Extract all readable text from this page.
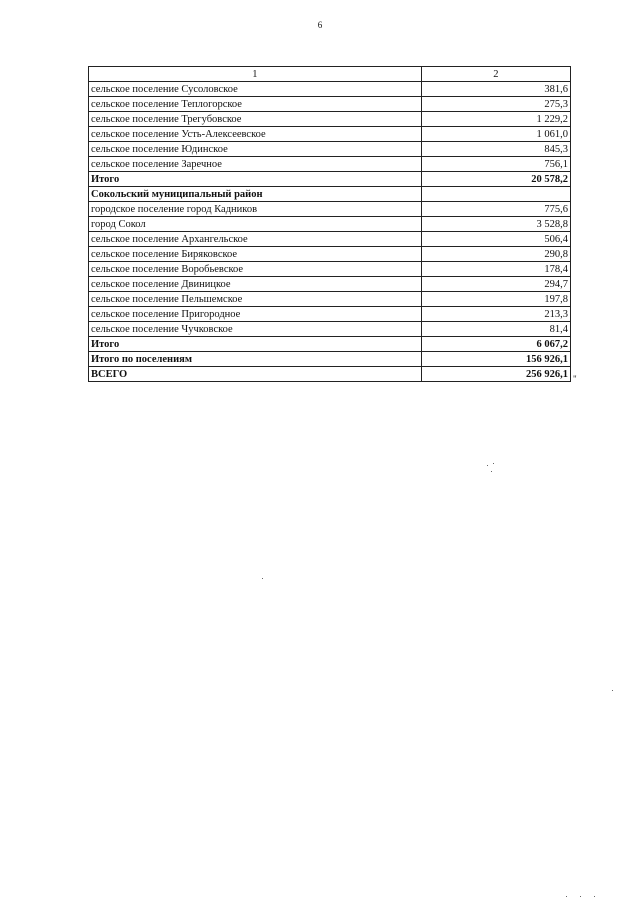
6
1	2
сельское поселение Сусоловское	381,6
сельское поселение Теплогорское	275,3
сельское поселение Трегубовское	1 229,2
сельское поселение Усть-Алексеевское	1 061,0
сельское поселение Юдинское	845,3
сельское поселение Заречное	756,1
Итого	20 578,2
Сокольский муниципальный район	
городское поселение город Кадников	775,6
город Сокол	3 528,8
сельское поселение Архангельское	506,4
сельское поселение Биряковское	290,8
сельское поселение Воробьевское	178,4
сельское поселение Двиницкое	294,7
сельское поселение Пельшемское	197,8
сельское поселение Пригородное	213,3
сельское поселение Чучковское	81,4
Итого	6 067,2
Итого по поселениям	156 926,1
ВСЕГО	256 926,1 "
